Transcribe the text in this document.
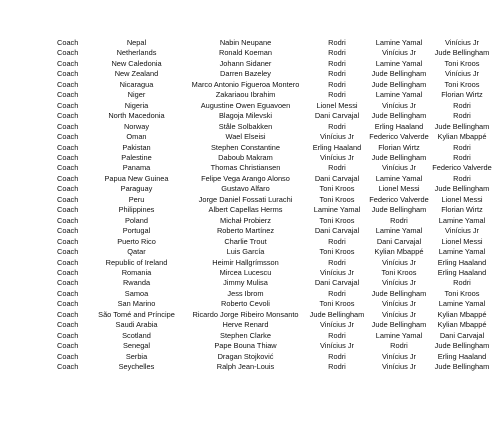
Coach	Nepal	Nabin Neupane	Rodri	Lamine Yamal	Vinícius Jr
Coach	Netherlands	Ronald Koeman	Rodri	Vinícius Jr	Jude Bellingham
Coach	New Caledonia	Johann Sidaner	Rodri	Lamine Yamal	Toni Kroos
Coach	New Zealand	Darren Bazeley	Rodri	Jude Bellingham	Vinícius Jr
Coach	Nicaragua	Marco Antonio Figueroa Montero	Rodri	Jude Bellingham	Toni Kroos
Coach	Niger	Zakariaou Ibrahim	Rodri	Lamine Yamal	Florian Wirtz
Coach	Nigeria	Augustine Owen Eguavoen	Lionel Messi	Vinícius Jr	Rodri
Coach	North Macedonia	Blagoja Milevski	Dani Carvajal	Jude Bellingham	Rodri
Coach	Norway	Ståle Solbakken	Rodri	Erling Haaland	Jude Bellingham
Coach	Oman	Wael Elseisi	Vinícius Jr	Federico Valverde	Kylian Mbappé
Coach	Pakistan	Stephen Constantine	Erling Haaland	Florian Wirtz	Rodri
Coach	Palestine	Daboub Makram	Vinícius Jr	Jude Bellingham	Rodri
Coach	Panama	Thomas Christiansen	Rodri	Vinícius Jr	Federico Valverde
Coach	Papua New Guinea	Felipe Vega Arango Alonso	Dani Carvajal	Lamine Yamal	Rodri
Coach	Paraguay	Gustavo Alfaro	Toni Kroos	Lionel Messi	Jude Bellingham
Coach	Peru	Jorge Daniel Fossati Lurachi	Toni Kroos	Federico Valverde	Lionel Messi
Coach	Philippines	Albert Capellas Herms	Lamine Yamal	Jude Bellingham	Florian Wirtz
Coach	Poland	Michał Probierz	Toni Kroos	Rodri	Lamine Yamal
Coach	Portugal	Roberto Martínez	Dani Carvajal	Lamine Yamal	Vinícius Jr
Coach	Puerto Rico	Charlie Trout	Rodri	Dani Carvajal	Lionel Messi
Coach	Qatar	Luis García	Toni Kroos	Kylian Mbappé	Lamine Yamal
Coach	Republic of Ireland	Heimir Hallgrímsson	Rodri	Vinícius Jr	Erling Haaland
Coach	Romania	Mircea Lucescu	Vinícius Jr	Toni Kroos	Erling Haaland
Coach	Rwanda	Jimmy Mulisa	Dani Carvajal	Vinícius Jr	Rodri
Coach	Samoa	Jess Ibrom	Rodri	Jude Bellingham	Toni Kroos
Coach	San Marino	Roberto Cevoli	Toni Kroos	Vinícius Jr	Lamine Yamal
Coach	São Tomé and Príncipe	Ricardo Jorge Ribeiro Monsanto	Jude Bellingham	Vinícius Jr	Kylian Mbappé
Coach	Saudi Arabia	Herve Renard	Vinícius Jr	Jude Bellingham	Kylian Mbappé
Coach	Scotland	Stephen Clarke	Rodri	Lamine Yamal	Dani Carvajal
Coach	Senegal	Pape Bouna Thiaw	Vinícius Jr	Rodri	Jude Bellingham
Coach	Serbia	Dragan Stojković	Rodri	Vinícius Jr	Erling Haaland
Coach	Seychelles	Ralph Jean-Louis	Rodri	Vinícius Jr	Jude Bellingham
